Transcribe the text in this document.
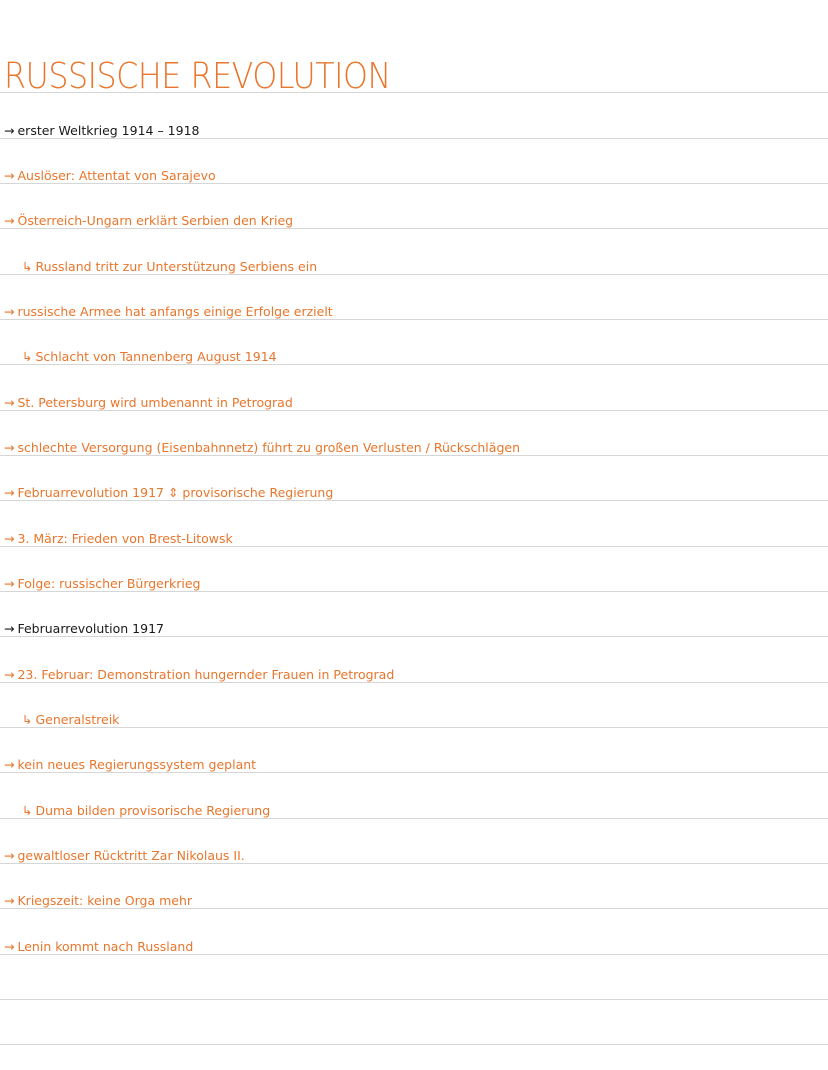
RUSSISCHE REVOLUTION
→ erster Weltkrieg 1914 – 1918
→ Auslöser: Attentat von Sarajevo
→ Österreich-Ungarn erklärt Serbien den Krieg
↳ Russland tritt zur Unterstützung Serbiens ein
→ russische Armee hat anfangs einige Erfolge erzielt
↳ Schlacht von Tannenberg August 1914
→ St. Petersburg wird umbenannt in Petrograd
→ schlechte Versorgung (Eisenbahnnetz) führt zu großen Verlusten / Rückschlägen
→ Februarrevolution 1917 ⇕ provisorische Regierung
→ 3. März: Frieden von Brest-Litowsk
→ Folge: russischer Bürgerkrieg
→ Februarrevolution 1917
→ 23. Februar: Demonstration hungernder Frauen in Petrograd
↳ Generalstreik
→ kein neues Regierungssystem geplant
↳ Duma bilden provisorische Regierung
→ gewaltloser Rücktritt Zar Nikolaus II.
→ Kriegszeit: keine Orga mehr
→ Lenin kommt nach Russland
